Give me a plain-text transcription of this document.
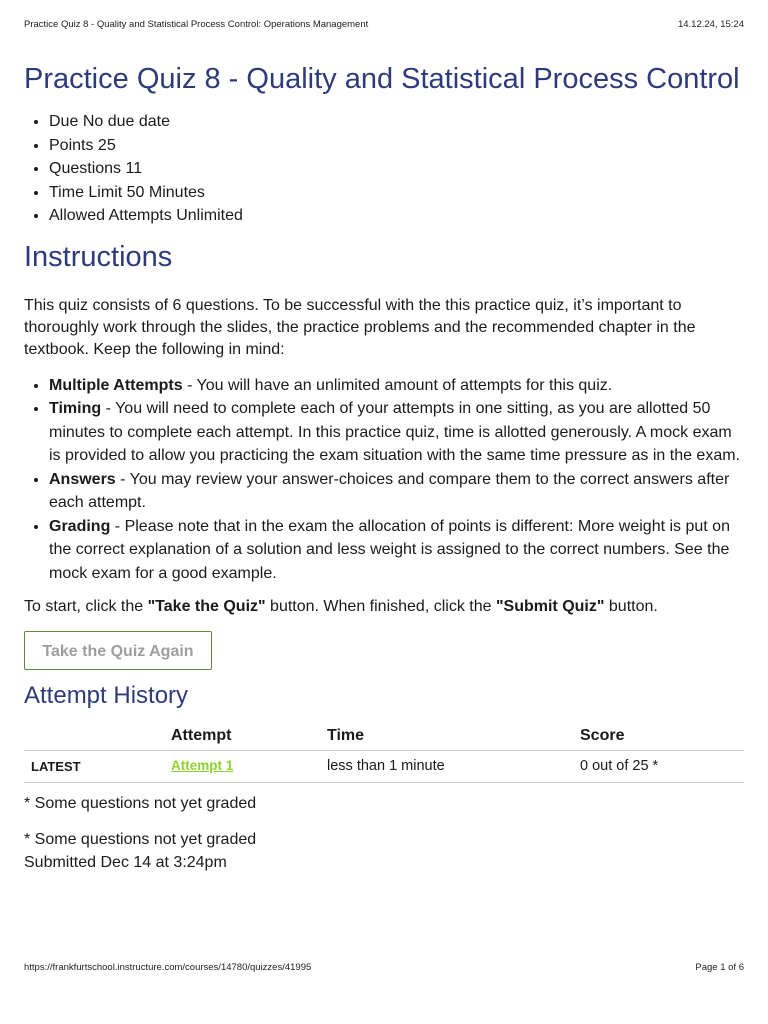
Practice Quiz 8 - Quality and Statistical Process Control: Operations Management	14.12.24, 15:24
Practice Quiz 8 - Quality and Statistical Process Control
• Due No due date
• Points 25
• Questions 11
• Time Limit 50 Minutes
• Allowed Attempts Unlimited
Instructions

This quiz consists of 6 questions. To be successful with the this practice quiz, it’s important to thoroughly work through the slides, the practice problems and the recommended chapter in the textbook. Keep the following in mind:

• Multiple Attempts - You will have an unlimited amount of attempts for this quiz.
• Timing - You will need to complete each of your attempts in one sitting, as you are allotted 50 minutes to complete each attempt. In this practice quiz, time is allotted generously. A mock exam is provided to allow you practicing the exam situation with the same time pressure as in the exam.
• Answers - You may review your answer-choices and compare them to the correct answers after each attempt.
• Grading - Please note that in the exam the allocation of points is different: More weight is put on the correct explanation of a solution and less weight is assigned to the correct numbers. See the mock exam for a good example.

To start, click the "Take the Quiz" button. When finished, click the "Submit Quiz" button.

Take the Quiz Again
Attempt History
	Attempt	Time	Score
LATEST	Attempt 1	less than 1 minute	0 out of 25 *

* Some questions not yet graded

* Some questions not yet graded
Submitted Dec 14 at 3:24pm

https://frankfurtschool.instructure.com/courses/14780/quizzes/41995	Page 1 of 6
